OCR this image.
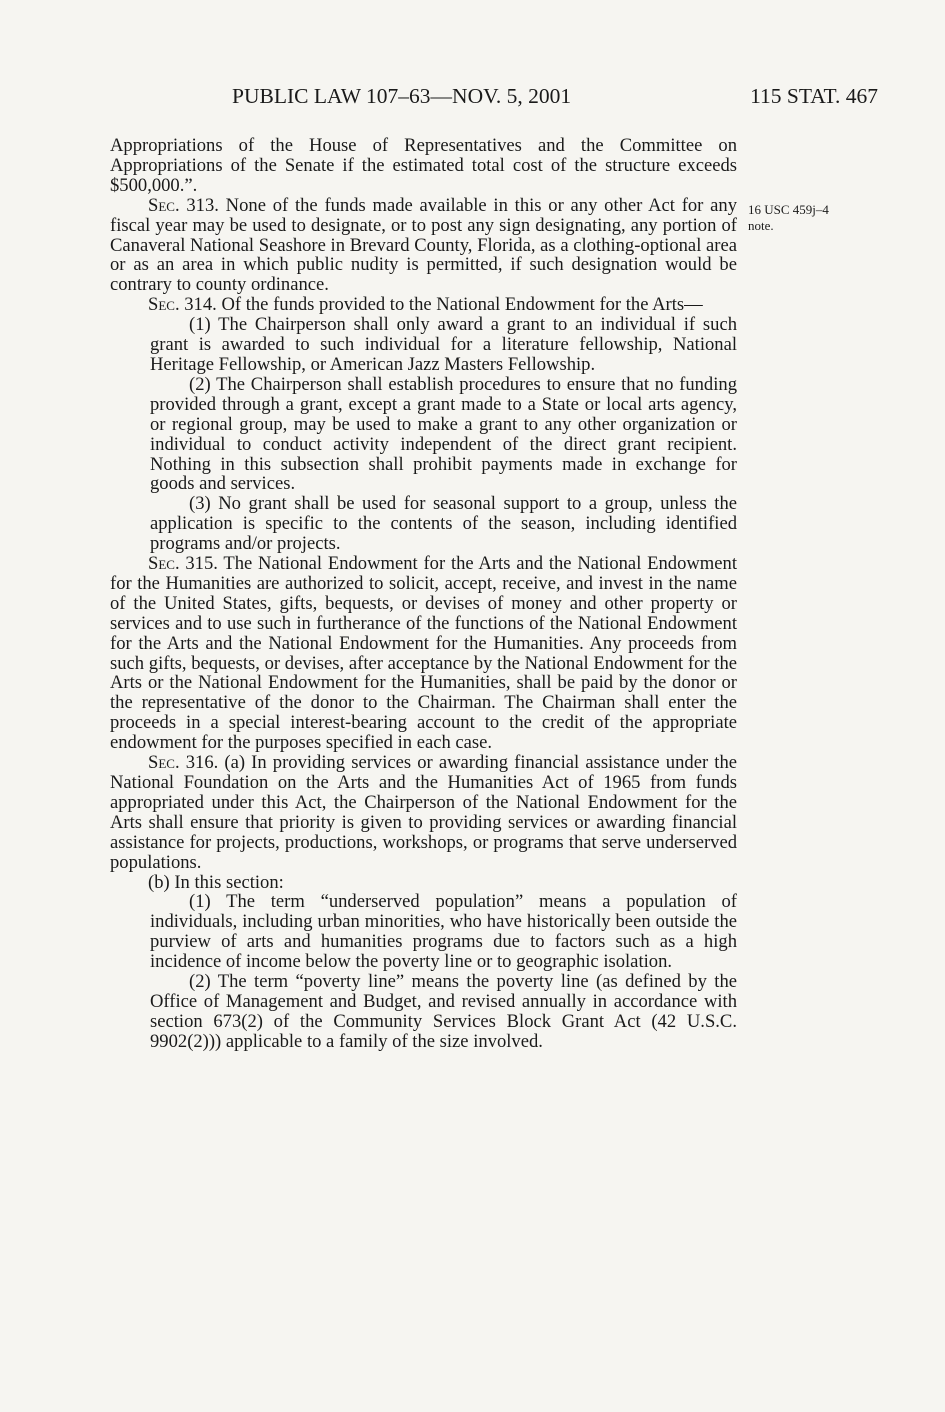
PUBLIC LAW 107–63—NOV. 5, 2001	115 STAT. 467
16 USC 459j–4
note.

Appropriations of the House of Representatives and the Committee on Appropriations of the Senate if the estimated total cost of the structure exceeds $500,000.”.

Sec. 313. None of the funds made available in this or any other Act for any fiscal year may be used to designate, or to post any sign designating, any portion of Canaveral National Seashore in Brevard County, Florida, as a clothing-optional area or as an area in which public nudity is permitted, if such designation would be contrary to county ordinance.

Sec. 314. Of the funds provided to the National Endowment for the Arts—

(1) The Chairperson shall only award a grant to an individual if such grant is awarded to such individual for a literature fellowship, National Heritage Fellowship, or American Jazz Masters Fellowship.

(2) The Chairperson shall establish procedures to ensure that no funding provided through a grant, except a grant made to a State or local arts agency, or regional group, may be used to make a grant to any other organization or individual to conduct activity independent of the direct grant recipient. Nothing in this subsection shall prohibit payments made in exchange for goods and services.

(3) No grant shall be used for seasonal support to a group, unless the application is specific to the contents of the season, including identified programs and/or projects.

Sec. 315. The National Endowment for the Arts and the National Endowment for the Humanities are authorized to solicit, accept, receive, and invest in the name of the United States, gifts, bequests, or devises of money and other property or services and to use such in furtherance of the functions of the National Endowment for the Arts and the National Endowment for the Humanities. Any proceeds from such gifts, bequests, or devises, after acceptance by the National Endowment for the Arts or the National Endowment for the Humanities, shall be paid by the donor or the representative of the donor to the Chairman. The Chairman shall enter the proceeds in a special interest-bearing account to the credit of the appropriate endowment for the purposes specified in each case.

Sec. 316. (a) In providing services or awarding financial assistance under the National Foundation on the Arts and the Humanities Act of 1965 from funds appropriated under this Act, the Chairperson of the National Endowment for the Arts shall ensure that priority is given to providing services or awarding financial assistance for projects, productions, workshops, or programs that serve underserved populations.

(b) In this section:

(1) The term “underserved population” means a population of individuals, including urban minorities, who have historically been outside the purview of arts and humanities programs due to factors such as a high incidence of income below the poverty line or to geographic isolation.

(2) The term “poverty line” means the poverty line (as defined by the Office of Management and Budget, and revised annually in accordance with section 673(2) of the Community Services Block Grant Act (42 U.S.C. 9902(2))) applicable to a family of the size involved.
